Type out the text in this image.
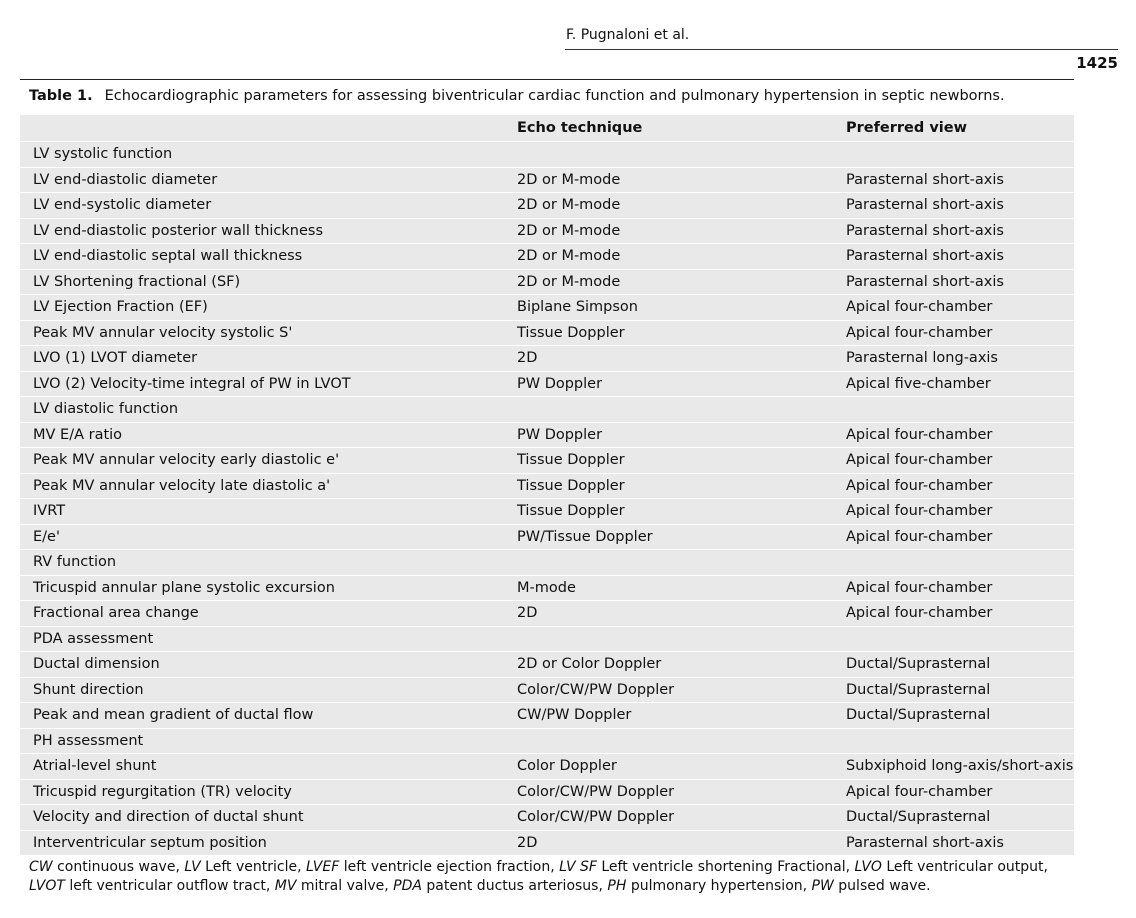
F. Pugnaloni et al.
1425
Table 1. Echocardiographic parameters for assessing biventricular cardiac function and pulmonary hypertension in septic newborns.
	Echo technique	Preferred view
LV systolic function		
LV end-diastolic diameter	2D or M-mode	Parasternal short-axis
LV end-systolic diameter	2D or M-mode	Parasternal short-axis
LV end-diastolic posterior wall thickness	2D or M-mode	Parasternal short-axis
LV end-diastolic septal wall thickness	2D or M-mode	Parasternal short-axis
LV Shortening fractional (SF)	2D or M-mode	Parasternal short-axis
LV Ejection Fraction (EF)	Biplane Simpson	Apical four-chamber
Peak MV annular velocity systolic S'	Tissue Doppler	Apical four-chamber
LVO (1) LVOT diameter	2D	Parasternal long-axis
LVO (2) Velocity-time integral of PW in LVOT	PW Doppler	Apical five-chamber
LV diastolic function		
MV E/A ratio	PW Doppler	Apical four-chamber
Peak MV annular velocity early diastolic e'	Tissue Doppler	Apical four-chamber
Peak MV annular velocity late diastolic a'	Tissue Doppler	Apical four-chamber
IVRT	Tissue Doppler	Apical four-chamber
E/e'	PW/Tissue Doppler	Apical four-chamber
RV function		
Tricuspid annular plane systolic excursion	M-mode	Apical four-chamber
Fractional area change	2D	Apical four-chamber
PDA assessment		
Ductal dimension	2D or Color Doppler	Ductal/Suprasternal
Shunt direction	Color/CW/PW Doppler	Ductal/Suprasternal
Peak and mean gradient of ductal flow	CW/PW Doppler	Ductal/Suprasternal
PH assessment		
Atrial-level shunt	Color Doppler	Subxiphoid long-axis/short-axis
Tricuspid regurgitation (TR) velocity	Color/CW/PW Doppler	Apical four-chamber
Velocity and direction of ductal shunt	Color/CW/PW Doppler	Ductal/Suprasternal
Interventricular septum position	2D	Parasternal short-axis
CW continuous wave, LV Left ventricle, LVEF left ventricle ejection fraction, LV SF Left ventricle shortening Fractional, LVO Left ventricular output, LVOT left ventricular outflow tract, MV mitral valve, PDA patent ductus arteriosus, PH pulmonary hypertension, PW pulsed wave.
